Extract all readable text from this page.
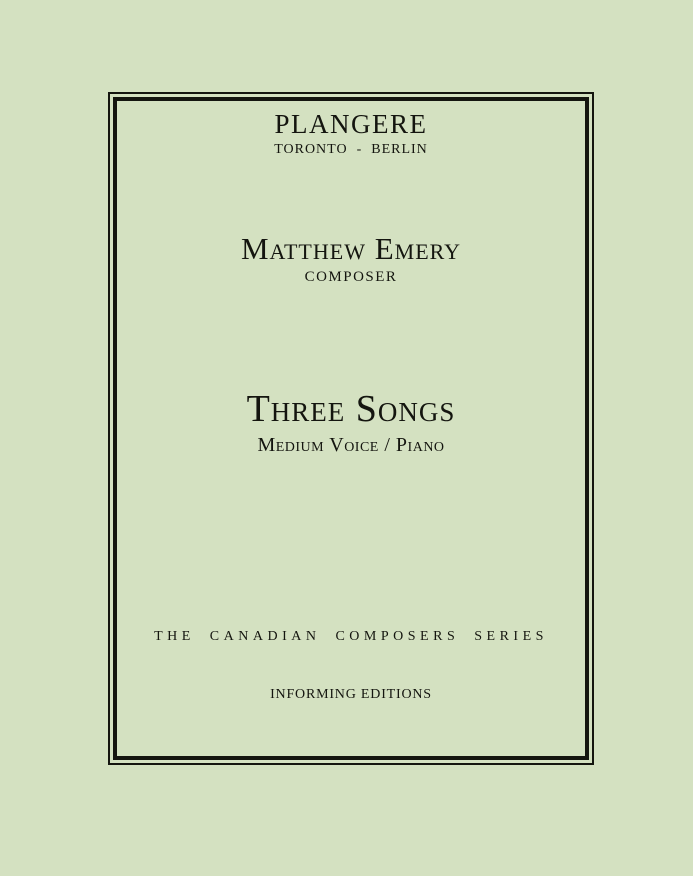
PLANGERE
TORONTO  -  BERLIN
Matthew Emery
COMPOSER
Three Songs
Medium Voice / Piano
THE CANADIAN COMPOSERS SERIES
INFORMING EDITIONS
